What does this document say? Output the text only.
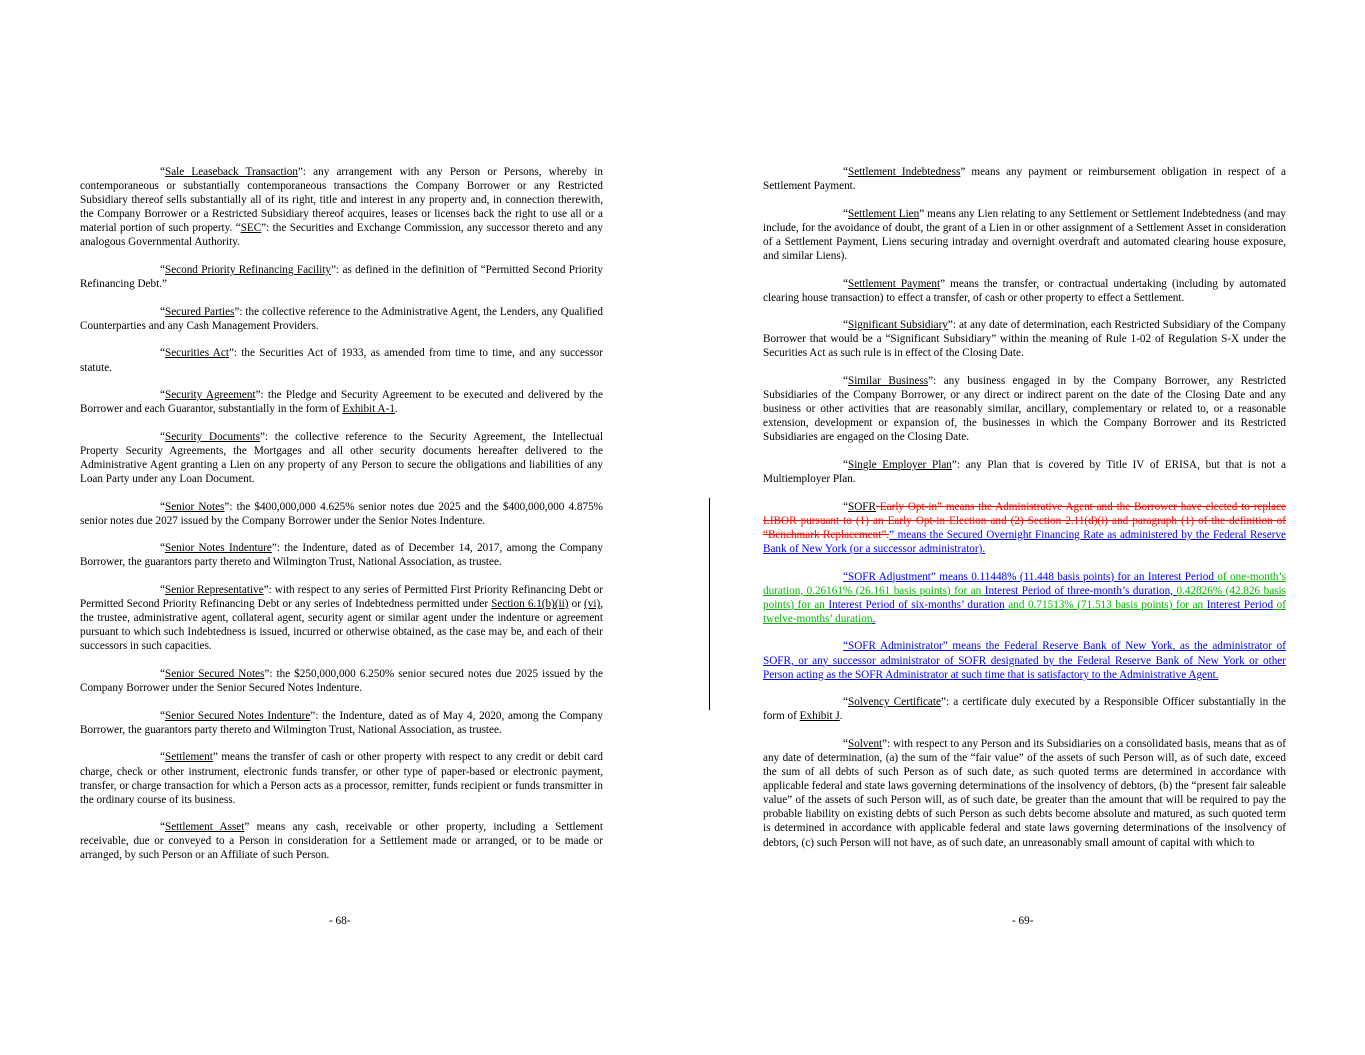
“Sale Leaseback Transaction”: any arrangement with any Person or Persons, whereby in contemporaneous or substantially contemporaneous transactions the Company Borrower or any Restricted Subsidiary thereof sells substantially all of its right, title and interest in any property and, in connection therewith, the Company Borrower or a Restricted Subsidiary thereof acquires, leases or licenses back the right to use all or a material portion of such property. “SEC”: the Securities and Exchange Commission, any successor thereto and any analogous Governmental Authority.

“Second Priority Refinancing Facility”: as defined in the definition of “Permitted Second Priority Refinancing Debt.”

“Secured Parties”: the collective reference to the Administrative Agent, the Lenders, any Qualified Counterparties and any Cash Management Providers.

“Securities Act”: the Securities Act of 1933, as amended from time to time, and any successor statute.

“Security Agreement”: the Pledge and Security Agreement to be executed and delivered by the Borrower and each Guarantor, substantially in the form of Exhibit A-1.

“Security Documents”: the collective reference to the Security Agreement, the Intellectual Property Security Agreements, the Mortgages and all other security documents hereafter delivered to the Administrative Agent granting a Lien on any property of any Person to secure the obligations and liabilities of any Loan Party under any Loan Document.

“Senior Notes”: the $400,000,000 4.625% senior notes due 2025 and the $400,000,000 4.875% senior notes due 2027 issued by the Company Borrower under the Senior Notes Indenture.

“Senior Notes Indenture”: the Indenture, dated as of December 14, 2017, among the Company Borrower, the guarantors party thereto and Wilmington Trust, National Association, as trustee.

“Senior Representative”: with respect to any series of Permitted First Priority Refinancing Debt or Permitted Second Priority Refinancing Debt or any series of Indebtedness permitted under Section 6.1(b)(ii) or (vi), the trustee, administrative agent, collateral agent, security agent or similar agent under the indenture or agreement pursuant to which such Indebtedness is issued, incurred or otherwise obtained, as the case may be, and each of their successors in such capacities.

“Senior Secured Notes”: the $250,000,000 6.250% senior secured notes due 2025 issued by the Company Borrower under the Senior Secured Notes Indenture.

“Senior Secured Notes Indenture”: the Indenture, dated as of May 4, 2020, among the Company Borrower, the guarantors party thereto and Wilmington Trust, National Association, as trustee.

“Settlement” means the transfer of cash or other property with respect to any credit or debit card charge, check or other instrument, electronic funds transfer, or other type of paper-based or electronic payment, transfer, or charge transaction for which a Person acts as a processor, remitter, funds recipient or funds transmitter in the ordinary course of its business.

“Settlement Asset” means any cash, receivable or other property, including a Settlement receivable, due or conveyed to a Person in consideration for a Settlement made or arranged, or to be made or arranged, by such Person or an Affiliate of such Person.

“Settlement Indebtedness” means any payment or reimbursement obligation in respect of a Settlement Payment.

“Settlement Lien” means any Lien relating to any Settlement or Settlement Indebtedness (and may include, for the avoidance of doubt, the grant of a Lien in or other assignment of a Settlement Asset in consideration of a Settlement Payment, Liens securing intraday and overnight overdraft and automated clearing house exposure, and similar Liens).

“Settlement Payment” means the transfer, or contractual undertaking (including by automated clearing house transaction) to effect a transfer, of cash or other property to effect a Settlement.

“Significant Subsidiary”: at any date of determination, each Restricted Subsidiary of the Company Borrower that would be a “Significant Subsidiary” within the meaning of Rule 1-02 of Regulation S-X under the Securities Act as such rule is in effect of the Closing Date.

“Similar Business”: any business engaged in by the Company Borrower, any Restricted Subsidiaries of the Company Borrower, or any direct or indirect parent on the date of the Closing Date and any business or other activities that are reasonably similar, ancillary, complementary or related to, or a reasonable extension, development or expansion of, the businesses in which the Company Borrower and its Restricted Subsidiaries are engaged on the Closing Date.

“Single Employer Plan”: any Plan that is covered by Title IV of ERISA, but that is not a Multiemployer Plan.

“SOFR Early Opt-in” means the Administrative Agent and the Borrower have elected to replace LIBOR pursuant to (1) an Early Opt-in Election and (2) Section 2.11(d)(i) and paragraph (1) of the definition of “Benchmark Replacement”.” means the Secured Overnight Financing Rate as administered by the Federal Reserve Bank of New York (or a successor administrator).

“SOFR Adjustment” means 0.11448% (11.448 basis points) for an Interest Period of one-month’s duration, 0.26161% (26.161 basis points) for an Interest Period of three-month’s duration, 0.42826% (42.826 basis points) for an Interest Period of six-months’ duration and 0.71513% (71.513 basis points) for an Interest Period of twelve-months’ duration.

“SOFR Administrator” means the Federal Reserve Bank of New York, as the administrator of SOFR, or any successor administrator of SOFR designated by the Federal Reserve Bank of New York or other Person acting as the SOFR Administrator at such time that is satisfactory to the Administrative Agent.

“Solvency Certificate”: a certificate duly executed by a Responsible Officer substantially in the form of Exhibit J.

“Solvent”: with respect to any Person and its Subsidiaries on a consolidated basis, means that as of any date of determination, (a) the sum of the “fair value” of the assets of such Person will, as of such date, exceed the sum of all debts of such Person as of such date, as such quoted terms are determined in accordance with applicable federal and state laws governing determinations of the insolvency of debtors, (b) the “present fair saleable value” of the assets of such Person will, as of such date, be greater than the amount that will be required to pay the probable liability on existing debts of such Person as such debts become absolute and matured, as such quoted term is determined in accordance with applicable federal and state laws governing determinations of the insolvency of debtors, (c) such Person will not have, as of such date, an unreasonably small amount of capital with which to

- 68-	- 69-
